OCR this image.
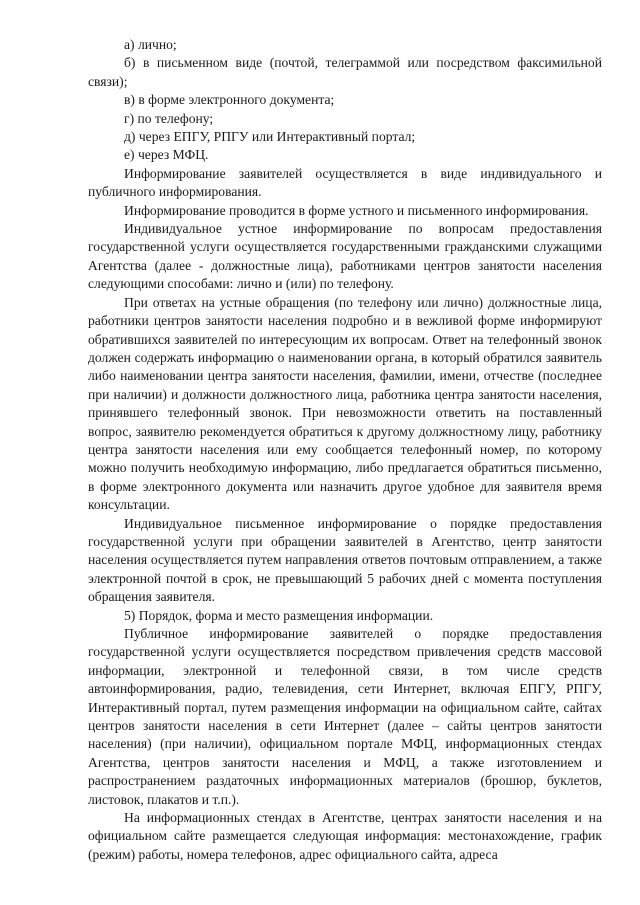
а) лично;

б) в письменном виде (почтой, телеграммой или посредством факсимильной связи);

в) в форме электронного документа;

г) по телефону;

д) через ЕПГУ, РПГУ или Интерактивный портал;

е) через МФЦ.

Информирование заявителей осуществляется в виде индивидуального и публичного информирования.

Информирование проводится в форме устного и письменного информирования.

Индивидуальное устное информирование по вопросам предоставления государственной услуги осуществляется государственными гражданскими служащими Агентства (далее - должностные лица), работниками центров занятости населения следующими способами: лично и (или) по телефону.

При ответах на устные обращения (по телефону или лично) должностные лица, работники центров занятости населения подробно и в вежливой форме информируют обратившихся заявителей по интересующим их вопросам. Ответ на телефонный звонок должен содержать информацию о наименовании органа, в который обратился заявитель либо наименовании центра занятости населения, фамилии, имени, отчестве (последнее при наличии) и должности должностного лица, работника центра занятости населения, принявшего телефонный звонок. При невозможности ответить на поставленный вопрос, заявителю рекомендуется обратиться к другому должностному лицу, работнику центра занятости населения или ему сообщается телефонный номер, по которому можно получить необходимую информацию, либо предлагается обратиться письменно, в форме электронного документа или назначить другое удобное для заявителя время консультации.

Индивидуальное письменное информирование о порядке предоставления государственной услуги при обращении заявителей в Агентство, центр занятости населения осуществляется путем направления ответов почтовым отправлением, а также электронной почтой в срок, не превышающий 5 рабочих дней с момента поступления обращения заявителя.

5) Порядок, форма и место размещения информации.

Публичное информирование заявителей о порядке предоставления государственной услуги осуществляется посредством привлечения средств массовой информации, электронной и телефонной связи, в том числе средств автоинформирования, радио, телевидения, сети Интернет, включая ЕПГУ, РПГУ, Интерактивный портал, путем размещения информации на официальном сайте, сайтах центров занятости населения в сети Интернет (далее – сайты центров занятости населения) (при наличии), официальном портале МФЦ, информационных стендах Агентства, центров занятости населения и МФЦ, а также изготовлением и распространением раздаточных информационных материалов (брошюр, буклетов, листовок, плакатов и т.п.).

На информационных стендах в Агентстве, центрах занятости населения и на официальном сайте размещается следующая информация: местонахождение, график (режим) работы, номера телефонов, адрес официального сайта, адреса
